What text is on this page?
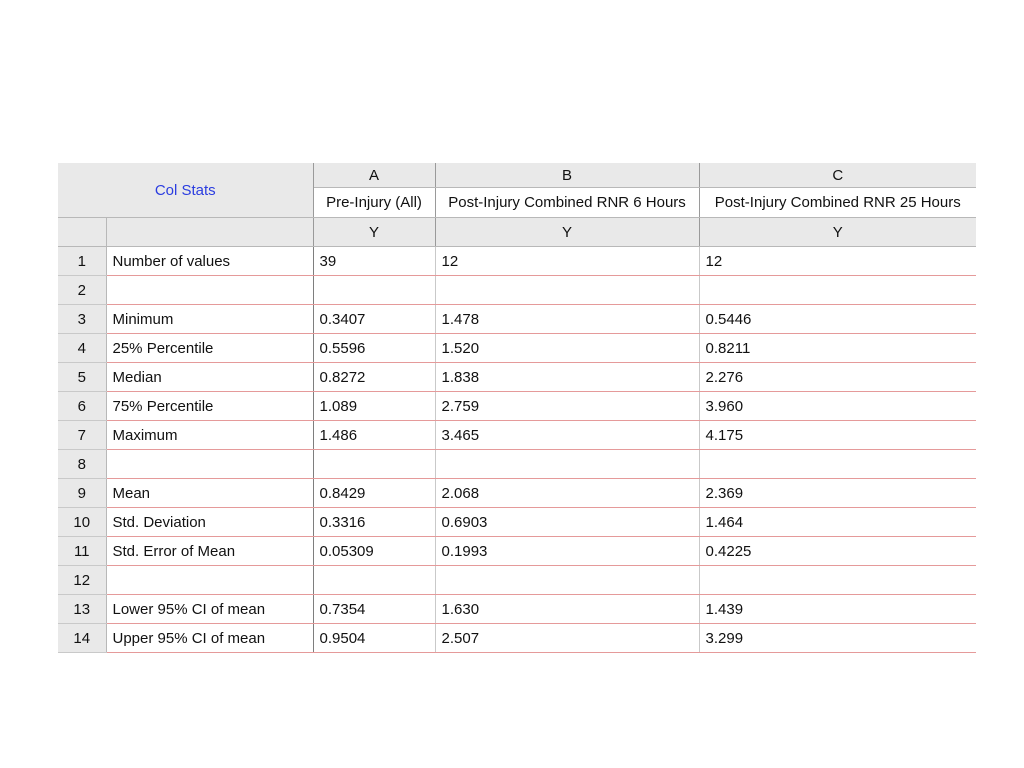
Col Stats		A	B	C
		Pre-Injury (All)	Post-Injury Combined RNR 6 Hours	Post-Injury Combined RNR 25 Hours
		Y	Y	Y
1	Number of values	39	12	12
2				
3	Minimum	0.3407	1.478	0.5446
4	25% Percentile	0.5596	1.520	0.8211
5	Median	0.8272	1.838	2.276
6	75% Percentile	1.089	2.759	3.960
7	Maximum	1.486	3.465	4.175
8				
9	Mean	0.8429	2.068	2.369
10	Std. Deviation	0.3316	0.6903	1.464
11	Std. Error of Mean	0.05309	0.1993	0.4225
12				
13	Lower 95% CI of mean	0.7354	1.630	1.439
14	Upper 95% CI of mean	0.9504	2.507	3.299
